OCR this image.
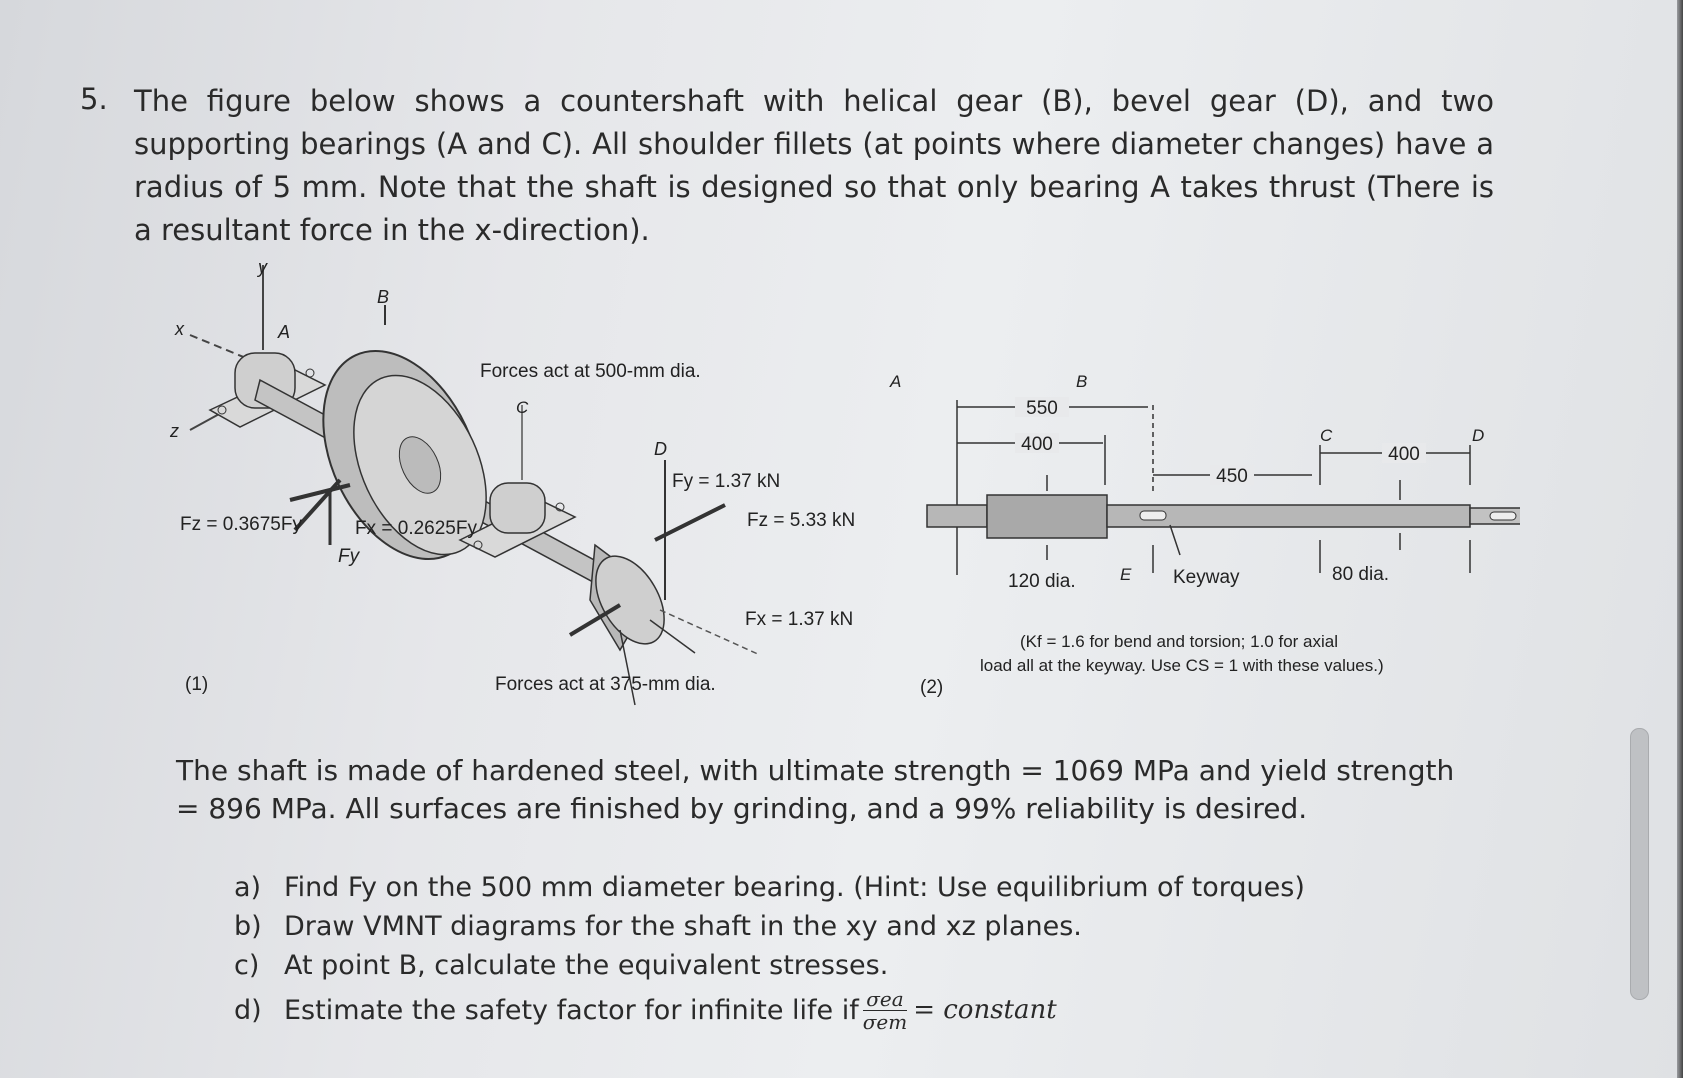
5. The figure below shows a countershaft with helical gear (B), bevel gear (D), and two supporting bearings (A and C). All shoulder fillets (at points where diameter changes) have a radius of 5 mm. Note that the shaft is designed so that only bearing A takes thrust (There is a resultant force in the x-direction).
y
x
z
A
B
C
D
Fz = 0.3675Fy	Fx = 0.2625Fy
Fy
Forces act at 500-mm dia.
Fy = 1.37 kN
Fz = 5.33 kN
Fx = 1.37 kN
Forces act at 375-mm dia.
(1)
A	B
C	D
550
400
450
400
120 dia.	E Keyway	80 dia.
(Kf = 1.6 for bend and torsion; 1.0 for axial
load all at the keyway. Use CS = 1 with these values.)
(2)
The shaft is made of hardened steel, with ultimate strength = 1069 MPa and yield strength = 896 MPa. All surfaces are finished by grinding, and a 99% reliability is desired.
a) Find Fy on the 500 mm diameter bearing. (Hint: Use equilibrium of torques)
b) Draw VMNT diagrams for the shaft in the xy and xz planes.
c) At point B, calculate the equivalent stresses.
d) Estimate the safety factor for infinite life if $\frac{\text{σea}}{\text{σem}}$ = constant
